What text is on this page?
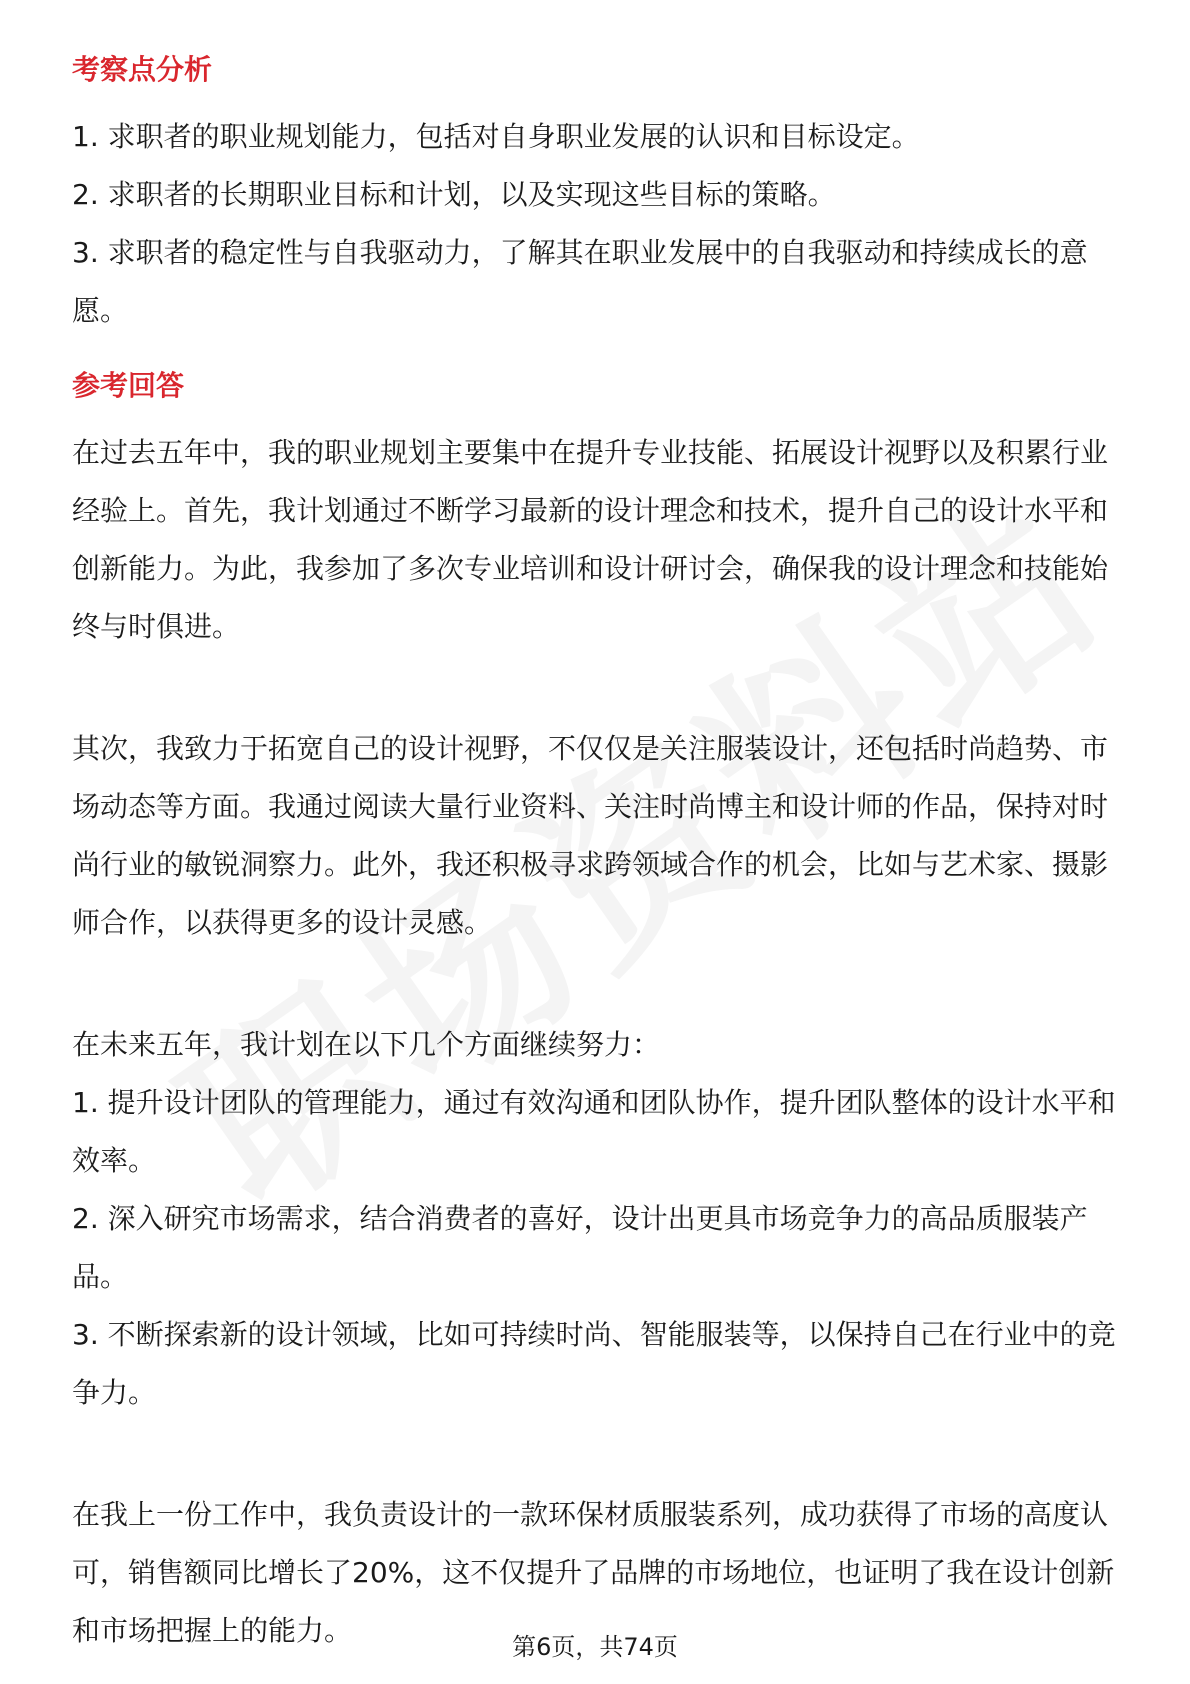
考察点分析

1. 求职者的职业规划能力，包括对自身职业发展的认识和目标设定。

2. 求职者的长期职业目标和计划，以及实现这些目标的策略。

3. 求职者的稳定性与自我驱动力，了解其在职业发展中的自我驱动和持续成长的意愿。

参考回答

在过去五年中，我的职业规划主要集中在提升专业技能、拓展设计视野以及积累行业经验上。首先，我计划通过不断学习最新的设计理念和技术，提升自己的设计水平和创新能力。为此，我参加了多次专业培训和设计研讨会，确保我的设计理念和技能始终与时俱进。

其次，我致力于拓宽自己的设计视野，不仅仅是关注服装设计，还包括时尚趋势、市场动态等方面。我通过阅读大量行业资料、关注时尚博主和设计师的作品，保持对时尚行业的敏锐洞察力。此外，我还积极寻求跨领域合作的机会，比如与艺术家、摄影师合作，以获得更多的设计灵感。

在未来五年，我计划在以下几个方面继续努力：

1. 提升设计团队的管理能力，通过有效沟通和团队协作，提升团队整体的设计水平和效率。

2. 深入研究市场需求，结合消费者的喜好，设计出更具市场竞争力的高品质服装产品。

3. 不断探索新的设计领域，比如可持续时尚、智能服装等，以保持自己在行业中的竞争力。

在我上一份工作中，我负责设计的一款环保材质服装系列，成功获得了市场的高度认可，销售额同比增长了20%，这不仅提升了品牌的市场地位，也证明了我在设计创新和市场把握上的能力。	第6页，共74页
